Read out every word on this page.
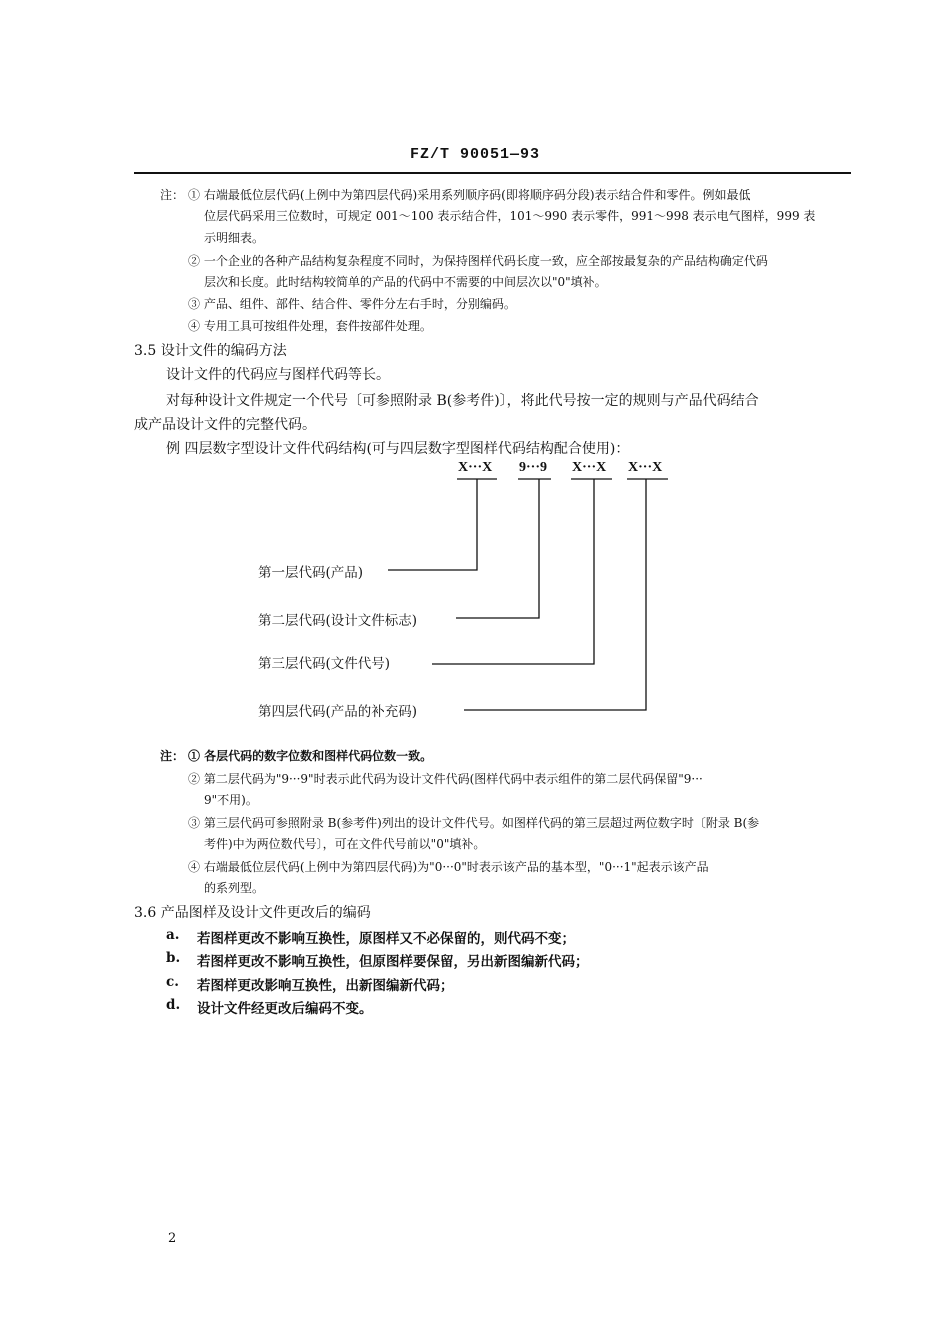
FZ/T 90051—93
注： ① 右端最低位层代码(上例中为第四层代码)采用系列顺序码(即将顺序码分段)表示结合件和零件。例如最低
位层代码采用三位数时，可规定 001～100 表示结合件，101～990 表示零件，991～998 表示电气图样，999 表
示明细表。
② 一个企业的各种产品结构复杂程度不同时，为保持图样代码长度一致，应全部按最复杂的产品结构确定代码
层次和长度。此时结构较简单的产品的代码中不需要的中间层次以"0"填补。
③ 产品、组件、部件、结合件、零件分左右手时，分别编码。
④ 专用工具可按组件处理，套件按部件处理。
3.5 设计文件的编码方法
设计文件的代码应与图样代码等长。
对每种设计文件规定一个代号〔可参照附录 B(参考件)〕，将此代号按一定的规则与产品代码结合
成产品设计文件的完整代码。
例 四层数字型设计文件代码结构(可与四层数字型图样代码结构配合使用)：
X···X 9···9 X···X X···X
第一层代码(产品)
第二层代码(设计文件标志)
第三层代码(文件代号)
第四层代码(产品的补充码)
注： ① 各层代码的数字位数和图样代码位数一致。
② 第二层代码为"9···9"时表示此代码为设计文件代码(图样代码中表示组件的第二层代码保留"9···
9"不用)。
③ 第三层代码可参照附录 B(参考件)列出的设计文件代号。如图样代码的第三层超过两位数字时〔附录 B(参
考件)中为两位数代号〕，可在文件代号前以"0"填补。
④ 右端最低位层代码(上例中为第四层代码)为"0···0"时表示该产品的基本型，"0···1"起表示该产品
的系列型。
3.6 产品图样及设计文件更改后的编码
a. 若图样更改不影响互换性，原图样又不必保留的，则代码不变；
b. 若图样更改不影响互换性，但原图样要保留，另出新图编新代码；
c. 若图样更改影响互换性，出新图编新代码；
d. 设计文件经更改后编码不变。
2
